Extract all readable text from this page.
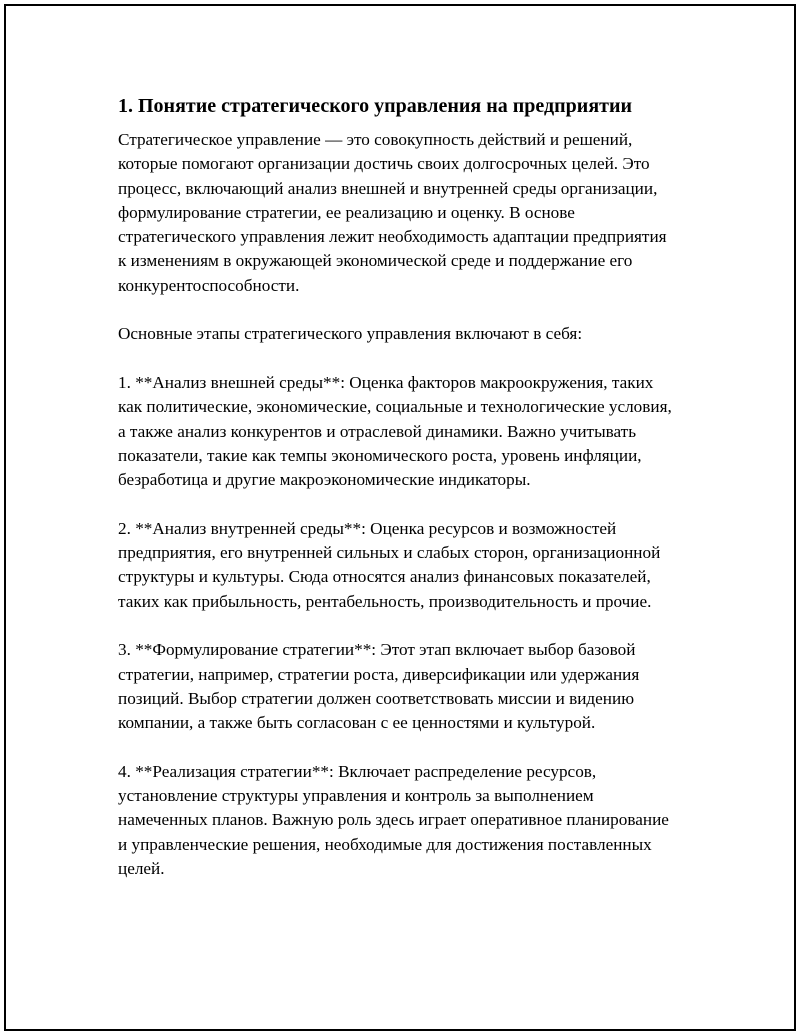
1. Понятие стратегического управления на предприятии

Стратегическое управление — это совокупность действий и решений, которые помогают организации достичь своих долгосрочных целей. Это процесс, включающий анализ внешней и внутренней среды организации, формулирование стратегии, ее реализацию и оценку. В основе стратегического управления лежит необходимость адаптации предприятия к изменениям в окружающей экономической среде и поддержание его конкурентоспособности.

Основные этапы стратегического управления включают в себя:

1. **Анализ внешней среды**: Оценка факторов макроокружения, таких как политические, экономические, социальные и технологические условия, а также анализ конкурентов и отраслевой динамики. Важно учитывать показатели, такие как темпы экономического роста, уровень инфляции, безработица и другие макроэкономические индикаторы.

2. **Анализ внутренней среды**: Оценка ресурсов и возможностей предприятия, его внутренней сильных и слабых сторон, организационной структуры и культуры. Сюда относятся анализ финансовых показателей, таких как прибыльность, рентабельность, производительность и прочие.

3. **Формулирование стратегии**: Этот этап включает выбор базовой стратегии, например, стратегии роста, диверсификации или удержания позиций. Выбор стратегии должен соответствовать миссии и видению компании, а также быть согласован с ее ценностями и культурой.

4. **Реализация стратегии**: Включает распределение ресурсов, установление структуры управления и контроль за выполнением намеченных планов. Важную роль здесь играет оперативное планирование и управленческие решения, необходимые для достижения поставленных целей.
